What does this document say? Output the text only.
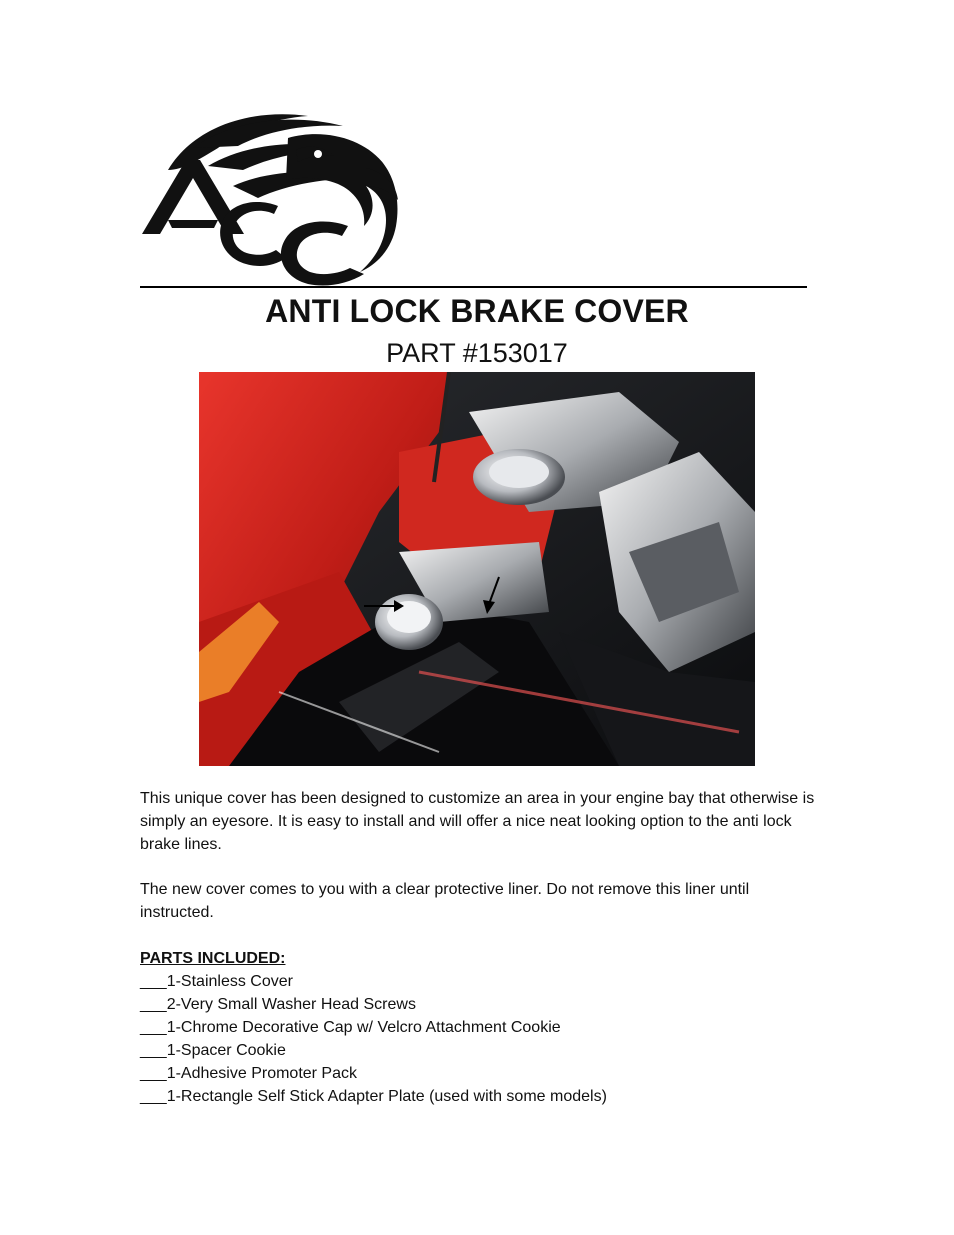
ANTI LOCK BRAKE COVER

PART #153017

This unique cover has been designed to customize an area in your engine bay that otherwise is simply an eyesore. It is easy to install and will offer a nice neat looking option to the anti lock brake lines.

The new cover comes to you with a clear protective liner. Do not remove this liner until instructed.

PARTS INCLUDED:

___1-Stainless Cover
___2-Very Small Washer Head Screws
___1-Chrome Decorative Cap w/ Velcro Attachment Cookie
___1-Spacer Cookie
___1-Adhesive Promoter Pack
___1-Rectangle Self Stick Adapter Plate (used with some models)
